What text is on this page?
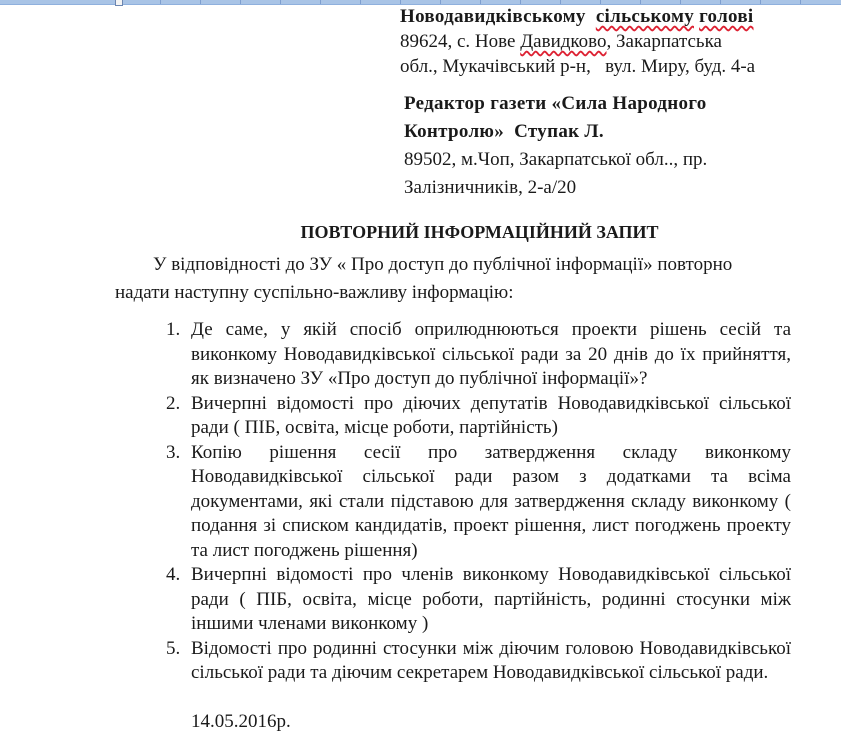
Новодавидківському сільському голові
89624, с. Нове Давидково, Закарпатська
обл., Мукачівський р-н,   вул. Миру, буд. 4-а
Редактор газети «Сила Народного
Контролю»  Ступак Л.
89502, м.Чоп, Закарпатської обл.., пр.
Залізничників, 2-а/20
ПОВТОРНИЙ ІНФОРМАЦІЙНИЙ ЗАПИТ

У відповідності до ЗУ « Про доступ до публічної інформації» повторно

надати наступну суспільно-важливу інформацію:

1. Де саме, у якій спосіб оприлюднюються проекти рішень сесій та виконкому Новодавидківської сільської ради за 20 днів до їх прийняття, як визначено ЗУ «Про доступ до публічної інформації»?
2. Вичерпні відомості про діючих депутатів Новодавидківської сільської ради ( ПІБ, освіта, місце роботи, партійність)
3. Копію рішення сесії про затвердження складу виконкому Новодавидківської сільської ради разом з додатками та всіма документами, які стали підставою для затвердження складу виконкому ( подання зі списком кандидатів, проект рішення, лист погоджень проекту та лист погоджень рішення)
4. Вичерпні відомості про членів виконкому Новодавидківської сільської ради ( ПІБ, освіта, місце роботи, партійність, родинні стосунки між іншими членами виконкому )
5. Відомості про родинні стосунки між діючим головою Новодавидківської сільської ради та діючим секретарем Новодавидківської сільської ради.
14.05.2016р.
